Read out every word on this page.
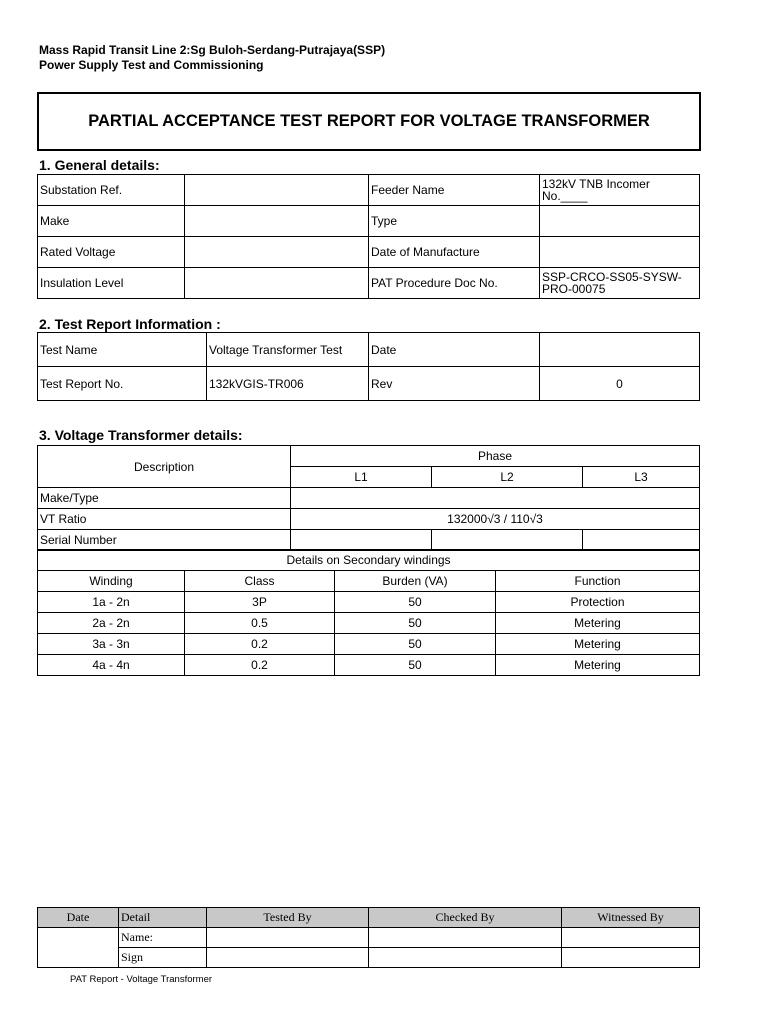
Mass Rapid Transit Line 2:Sg Buloh-Serdang-Putrajaya(SSP)
Power Supply Test and Commissioning
PARTIAL ACCEPTANCE TEST REPORT FOR VOLTAGE TRANSFORMER
1. General details:
Substation Ref.		Feeder Name	132kV TNB Incomer No.____
Make		Type	
Rated Voltage		Date of Manufacture	
Insulation Level		PAT Procedure Doc No.	SSP-CRCO-SS05-SYSW-PRO-00075
2. Test Report Information :
Test Name	Voltage Transformer Test	Date	
Test Report No.	132kVGIS-TR006	Rev	0
3. Voltage Transformer details:
Description	Phase		
	L1	L2	L3
Make/Type			
VT Ratio	132000√3 / 110√3		
Serial Number			
Details on Secondary windings			
Winding	Class	Burden (VA)	Function
1a - 2n	3P	50	Protection
2a - 2n	0.5	50	Metering
3a - 3n	0.2	50	Metering
4a - 4n	0.2	50	Metering
Date	Detail	Tested By	Checked By	Witnessed By
	Name:			
	Sign			
PAT Report - Voltage Transformer
